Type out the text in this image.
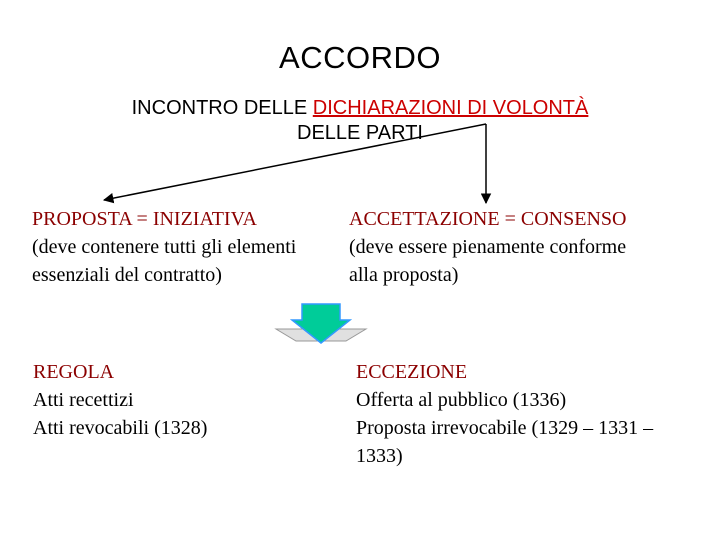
ACCORDO
INCONTRO DELLE DICHIARAZIONI DI VOLONTÀ
DELLE PARTI
PROPOSTA = INIZIATIVA
(deve contenere tutti gli elementi
essenziali del contratto)
ACCETTAZIONE = CONSENSO
(deve essere pienamente conforme
alla proposta)
REGOLA
Atti recettizi
Atti revocabili (1328)
ECCEZIONE
Offerta al pubblico (1336)
Proposta irrevocabile (1329 – 1331 –
1333)
